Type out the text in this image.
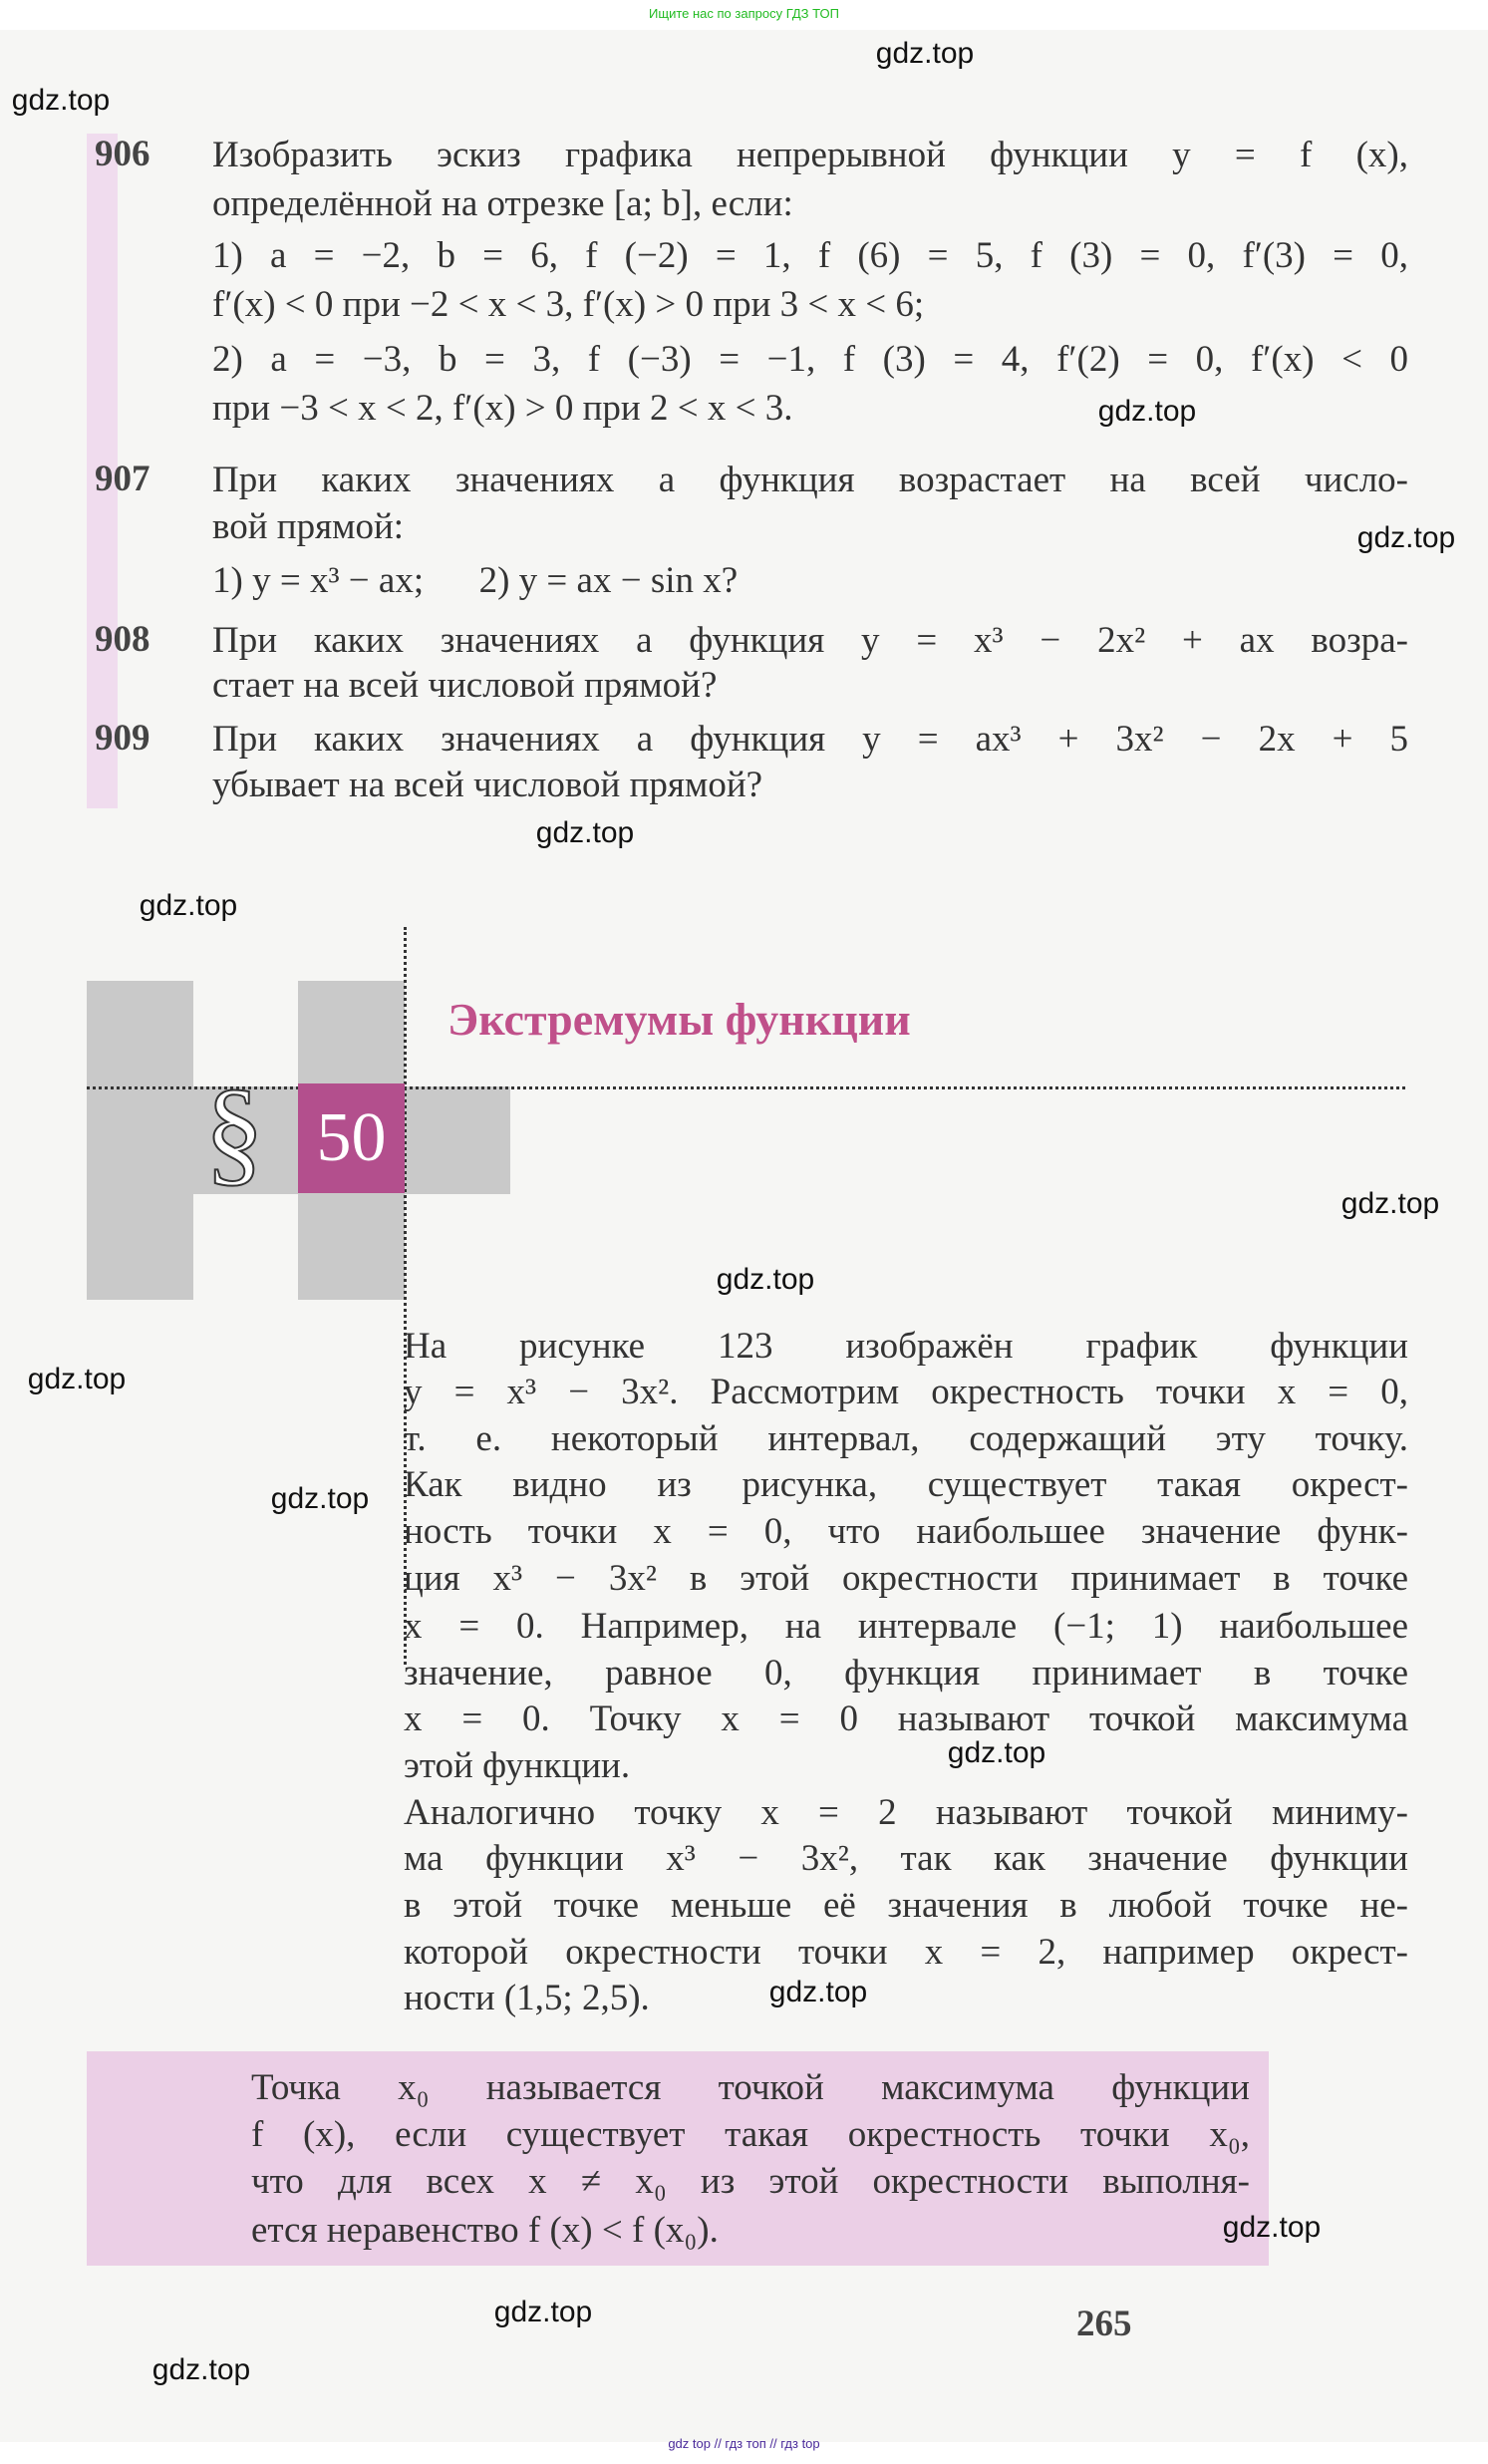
Ищите нас по запросу ГДЗ ТОП
906 Изобразить эскиз графика непрерывной функции y = f (x),
определённой на отрезке [a; b], если:
1) a = −2, b = 6, f (−2) = 1, f (6) = 5, f (3) = 0, f′(3) = 0,
f′(x) < 0 при −2 < x < 3, f′(x) > 0 при 3 < x < 6;
2) a = −3, b = 3, f (−3) = −1, f (3) = 4, f′(2) = 0, f′(x) < 0
при −3 < x < 2, f′(x) > 0 при 2 < x < 3.
907 При каких значениях a функция возрастает на всей число-
вой прямой:
1) y = x³ − ax;      2) y = ax − sin x?
908 При каких значениях a функция y = x³ − 2x² + ax возра-
стает на всей числовой прямой?
909 При каких значениях a функция y = ax³ + 3x² − 2x + 5
убывает на всей числовой прямой?
§ 50
Экстремумы функции
На рисунке 123 изображён график функции
y = x³ − 3x². Рассмотрим окрестность точки x = 0,
т. е. некоторый интервал, содержащий эту точку.
Как видно из рисунка, существует такая окрест-
ность точки x = 0, что наибольшее значение функ-
ция x³ − 3x² в этой окрестности принимает в точке
x = 0. Например, на интервале (−1; 1) наибольшее
значение, равное 0, функция принимает в точке
x = 0. Точку x = 0 называют точкой максимума
этой функции.
Аналогично точку x = 2 называют точкой миниму-
ма функции x³ − 3x², так как значение функции
в этой точке меньше её значения в любой точке не-
которой окрестности точки x = 2, например окрест-
ности (1,5; 2,5).
Точка x₀ называется точкой максимума функции
f (x), если существует такая окрестность точки x₀,
что для всех x ≠ x₀ из этой окрестности выполня-
ется неравенство f (x) < f (x₀).
265
gdz.top
gdz.top
gdz.top
gdz.top
gdz.top
gdz.top
gdz.top
gdz.top
gdz.top
gdz.top
gdz.top
gdz.top
gdz.top
gdz.top
gdz.top
gdz top // гдз топ // гдз top
